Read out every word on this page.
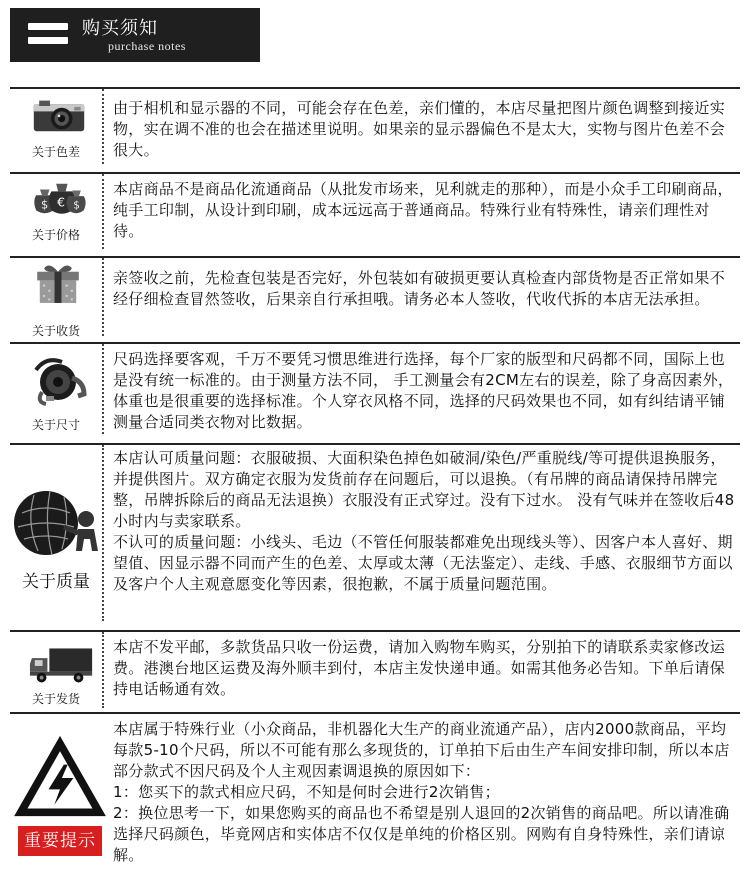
购买须知
purchase notes
关于色差

由于相机和显示器的不同，可能会存在色差，亲们懂的，本店尽量把图片颜色调整到接近实物，实在调不准的也会在描述里说明。如果亲的显示器偏色不是太大，实物与图片色差不会很大。

$ € $
关于价格

本店商品不是商品化流通商品（从批发市场来，见利就走的那种），而是小众手工印刷商品，纯手工印制，从设计到印刷，成本远远高于普通商品。特殊行业有特殊性，请亲们理性对待。

关于收货

亲签收之前，先检查包装是否完好，外包装如有破损更要认真检查内部货物是否正常如果不经仔细检查冒然签收，后果亲自行承担哦。请务必本人签收，代收代拆的本店无法承担。

关于尺寸

尺码选择要客观，千万不要凭习惯思维进行选择，每个厂家的版型和尺码都不同，国际上也是没有统一标准的。由于测量方法不同， 手工测量会有2CM左右的误差，除了身高因素外，体重也是很重要的选择标准。个人穿衣风格不同，选择的尺码效果也不同，如有纠结请平铺测量合适同类衣物对比数据。

关于质量

本店认可质量问题：衣服破损、大面积染色掉色如破洞/染色/严重脱线/等可提供退换服务，并提供图片。双方确定衣服为发货前存在问题后，可以退换。（有吊牌的商品请保持吊牌完整，吊牌拆除后的商品无法退换）衣服没有正式穿过。没有下过水。 没有气味并在签收后48小时内与卖家联系。

不认可的质量问题：小线头、毛边（不管任何服装都难免出现线头等）、因客户本人喜好、期望值、因显示器不同而产生的色差、太厚或太薄（无法鉴定）、走线、手感、衣服细节方面以及客户个人主观意愿变化等因素，很抱歉，不属于质量问题范围。

关于发货

本店不发平邮，多款货品只收一份运费，请加入购物车购买，分别拍下的请联系卖家修改运费。港澳台地区运费及海外顺丰到付，本店主发快递申通。如需其他务必告知。下单后请保持电话畅通有效。

本店属于特殊行业（小众商品，非机器化大生产的商业流通产品），店内2000款商品，平均每款5-10个尺码，所以不可能有那么多现货的，订单拍下后由生产车间安排印制，所以本店部分款式不因尺码及个人主观因素调退换的原因如下：

1：您买下的款式相应尺码，不知是何时会进行2次销售；

2：换位思考一下，如果您购买的商品也不希望是别人退回的2次销售的商品吧。所以请准确选择尺码颜色，毕竟网店和实体店不仅仅是单纯的价格区别。网购有自身特殊性，亲们请谅解。

重要提示
